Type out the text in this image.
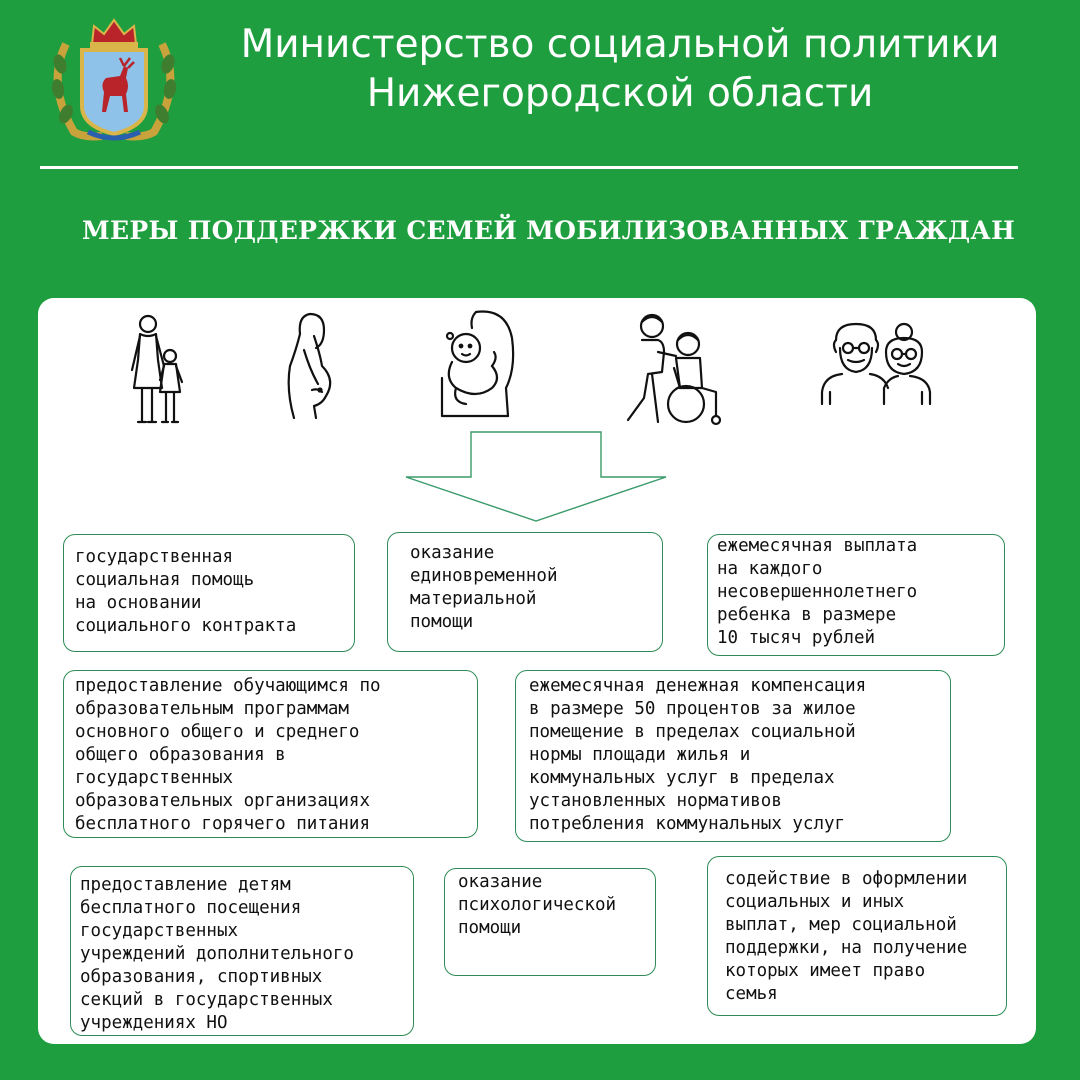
Министерство социальной политики
Нижегородской области
МЕРЫ ПОДДЕРЖКИ СЕМЕЙ МОБИЛИЗОВАННЫХ ГРАЖДАН
государственная
социальная помощь
на основании
социального контракта
оказание
единовременной
материальной
помощи
ежемесячная выплата
на каждого
несовершеннолетнего
ребенка в размере
10 тысяч рублей
предоставление обучающимся по
образовательным программам
основного общего и среднего
общего образования в
государственных
образовательных организациях
бесплатного горячего питания
ежемесячная денежная компенсация
в размере 50 процентов за жилое
помещение в пределах социальной
нормы площади жилья и
коммунальных услуг в пределах
установленных нормативов
потребления коммунальных услуг
предоставление детям
бесплатного посещения
государственных
учреждений дополнительного
образования, спортивных
секций в государственных
учреждениях НО
оказание
психологической
помощи
содействие в оформлении
социальных и иных
выплат, мер социальной
поддержки, на получение
которых имеет право
семья
